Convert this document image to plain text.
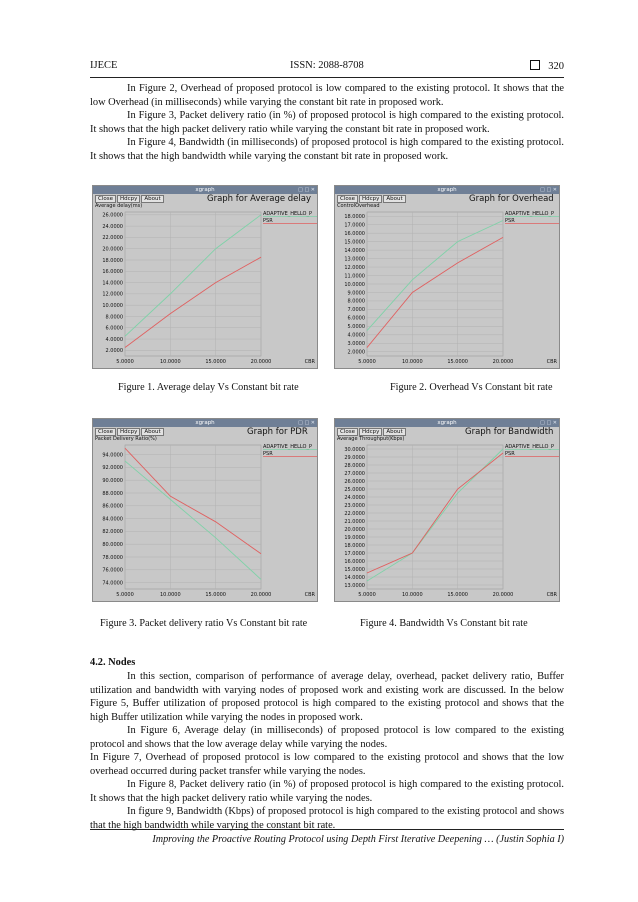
IJECE	ISSN: 2088-8708	320

In Figure 2, Overhead of proposed protocol is low compared to the existing protocol. It shows that the low Overhead (in milliseconds) while varying the constant bit rate in proposed work.

In Figure 3, Packet delivery ratio (in %) of proposed protocol is high compared to the existing protocol. It shows that the high packet delivery ratio while varying the constant bit rate in proposed work.

In Figure 4, Bandwidth (in milliseconds) of proposed protocol is high compared to the existing protocol. It shows that the high bandwidth while varying the constant bit rate in proposed work.

xgraph	□ □ ✕
Close Hdcpy About	Graph for Average delay
Average delay(ms)
2.0000
4.0000
6.0000
8.0000
10.0000
12.0000
14.0000
16.0000
18.0000
20.0000
22.0000
24.0000
26.0000
5.0000	10.0000	15.0000	20.0000	CBR
ADAPTIVE_HELLO_P
PSR
Figure 1. Average delay Vs Constant bit rate
xgraph	□ □ ✕
Close Hdcpy About	Graph for Overhead
ControlOverhead
2.0000
3.0000
4.0000
5.0000
6.0000
7.0000
8.0000
9.0000
10.0000
11.0000
12.0000
13.0000
14.0000
15.0000
16.0000
17.0000
18.0000
5.0000	10.0000	15.0000	20.0000	CBR
ADAPTIVE_HELLO_P
PSR
Figure 2. Overhead Vs Constant bit rate
xgraph	□ □ ✕
Close Hdcpy About	Graph for PDR
Packet Delivery Ratio(%)
74.0000
76.0000
78.0000
80.0000
82.0000
84.0000
86.0000
88.0000
90.0000
92.0000
94.0000
5.0000	10.0000	15.0000	20.0000	CBR
ADAPTIVE_HELLO_P
PSR
Figure 3. Packet delivery ratio Vs Constant bit rate
xgraph	□ □ ✕
Close Hdcpy About	Graph for Bandwidth
Average Throughput(Kbps)
13.0000
14.0000
15.0000
16.0000
17.0000
18.0000
19.0000
20.0000
21.0000
22.0000
23.0000
24.0000
25.0000
26.0000
27.0000
28.0000
29.0000
30.0000
5.0000	10.0000	15.0000	20.0000	CBR
ADAPTIVE_HELLO_P
PSR
Figure 4. Bandwidth Vs Constant bit rate
4.2. Nodes

In this section, comparison of performance of average delay, overhead, packet delivery ratio, Buffer utilization and bandwidth with varying nodes of proposed work and existing work are discussed. In the below Figure 5, Buffer utilization of proposed protocol is high compared to the existing protocol and shows that the high Buffer utilization while varying the nodes in proposed work.

In Figure 6, Average delay (in milliseconds) of proposed protocol is low compared to the existing protocol and shows that the low average delay while varying the nodes.

In Figure 7, Overhead of proposed protocol is low compared to the existing protocol and shows that the low overhead occurred during packet transfer while varying the nodes.

In Figure 8, Packet delivery ratio (in %) of proposed protocol is high compared to the existing protocol. It shows that the high packet delivery ratio while varying the nodes.

In figure 9, Bandwidth (Kbps) of proposed protocol is high compared to the existing protocol and shows that the high bandwidth while varying the constant bit rate.

Improving the Proactive Routing Protocol using Depth First Iterative Deepening … (Justin Sophia I)
